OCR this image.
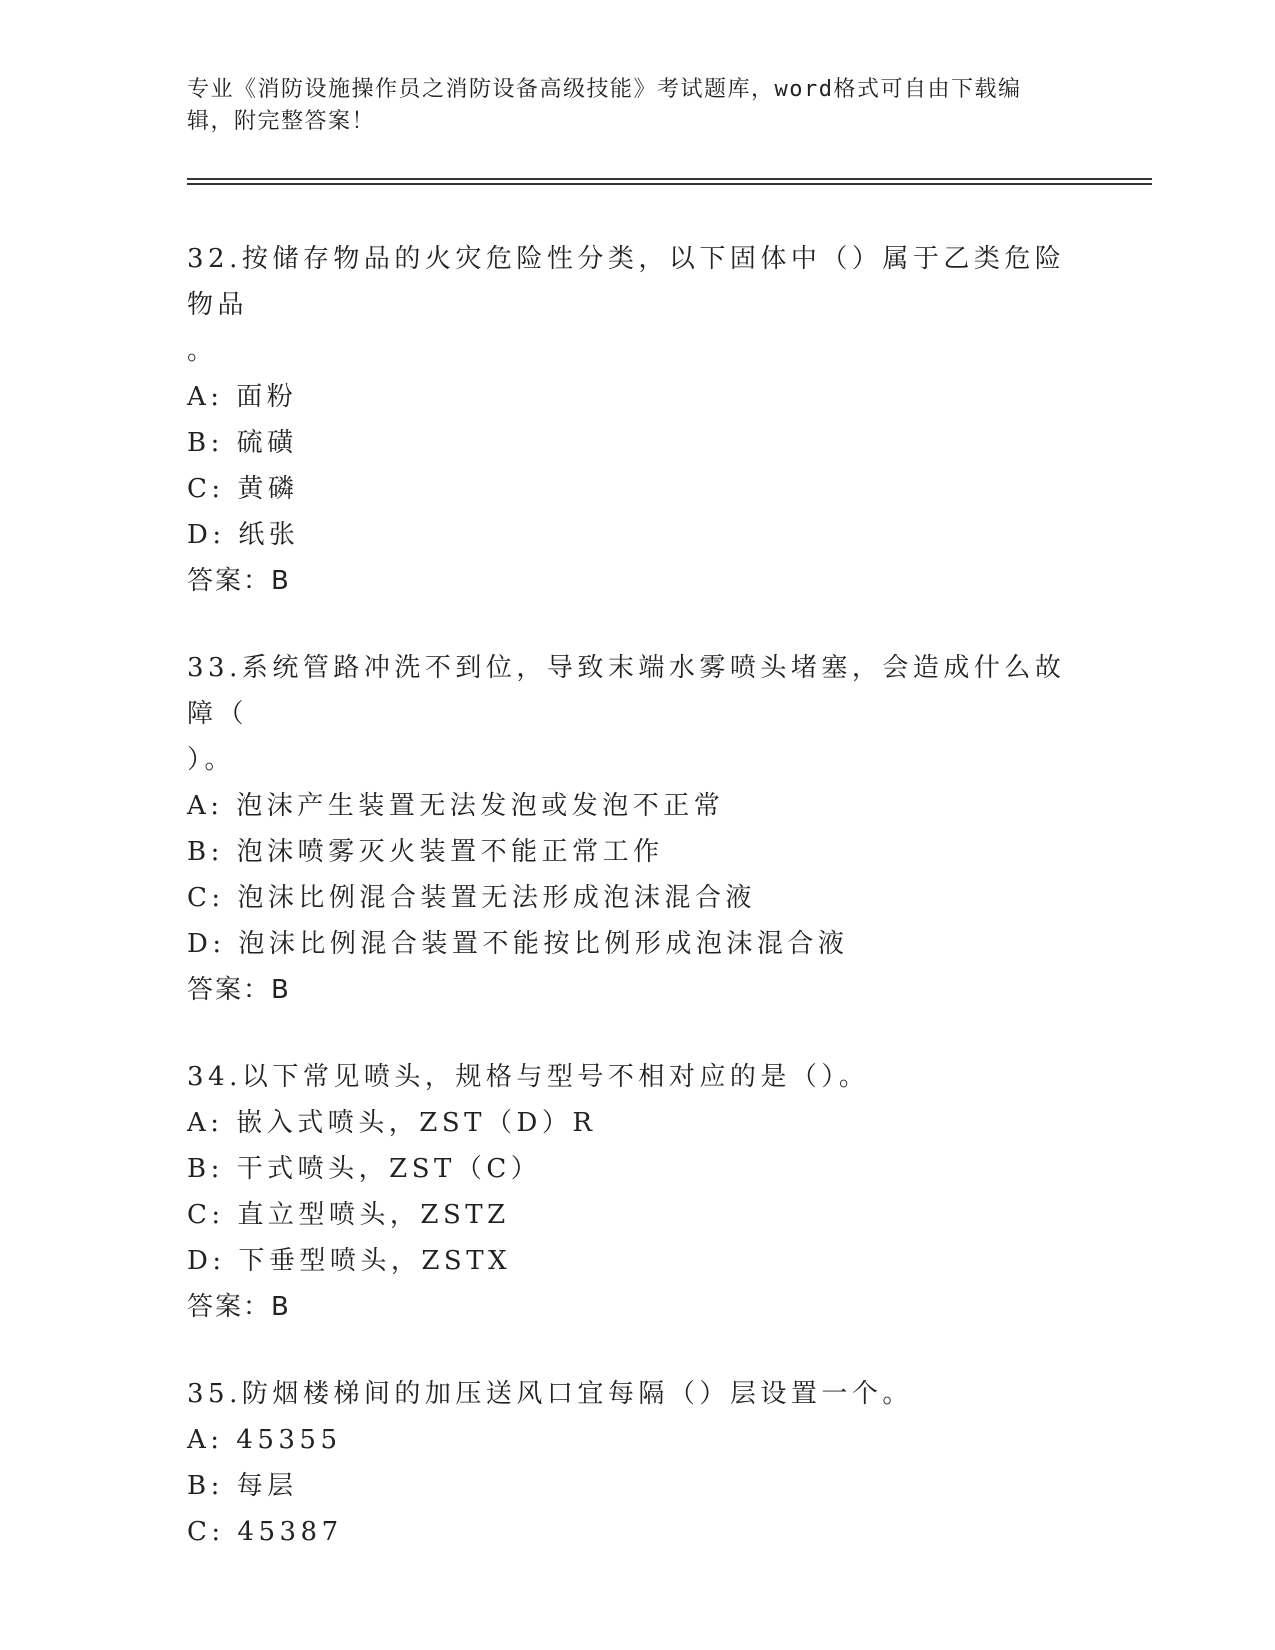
专业《消防设施操作员之消防设备高级技能》考试题库，word格式可自由下载编
辑，附完整答案！
32.按储存物品的火灾危险性分类，以下固体中（）属于乙类危险物品
。
A: 面粉
B: 硫磺
C: 黄磷
D: 纸张
答案：B
33.系统管路冲洗不到位，导致末端水雾喷头堵塞，会造成什么故障（
）。
A: 泡沫产生装置无法发泡或发泡不正常
B: 泡沫喷雾灭火装置不能正常工作
C: 泡沫比例混合装置无法形成泡沫混合液
D: 泡沫比例混合装置不能按比例形成泡沫混合液
答案：B
34.以下常见喷头，规格与型号不相对应的是（）。
A: 嵌入式喷头，ZST（D）R
B: 干式喷头，ZST（C）
C: 直立型喷头，ZSTZ
D: 下垂型喷头，ZSTX
答案：B
35.防烟楼梯间的加压送风口宜每隔（）层设置一个。
A: 45355
B: 每层
C: 45387
